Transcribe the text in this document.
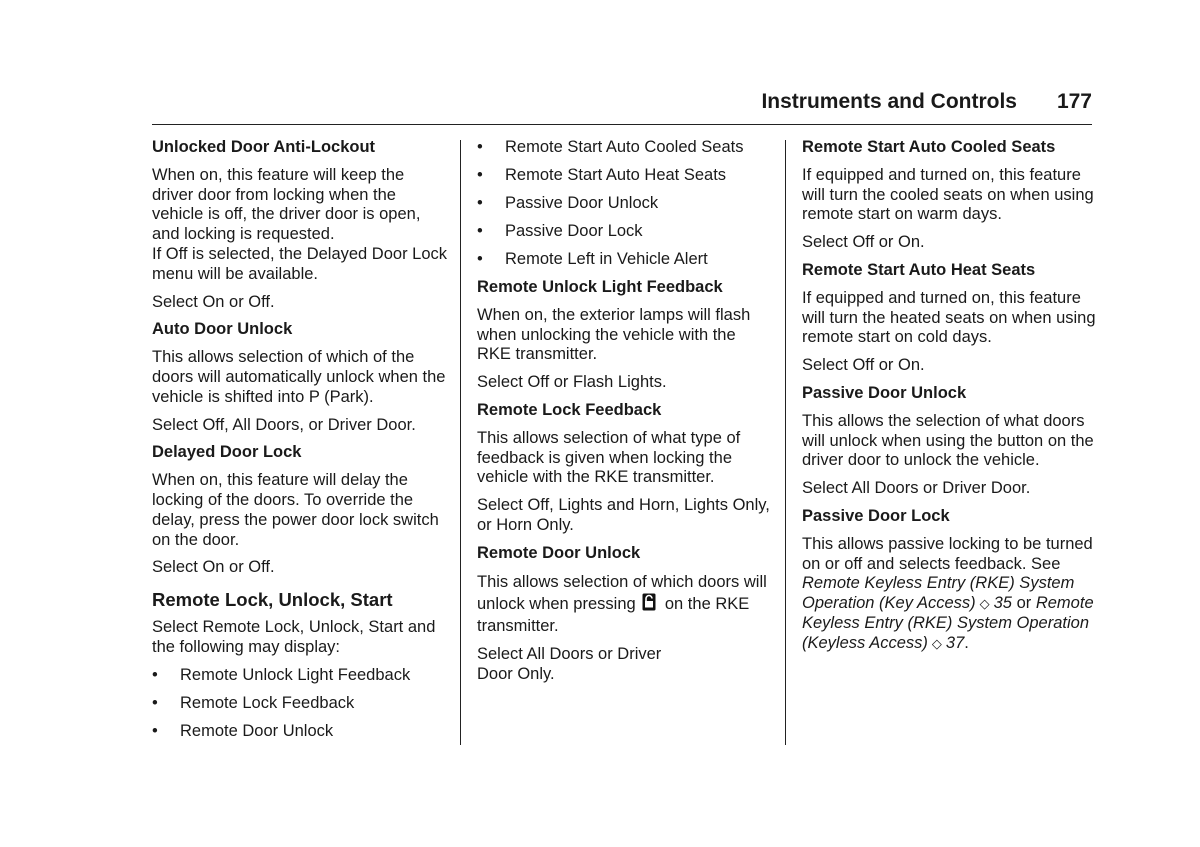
Instruments and Controls 177
Unlocked Door Anti-Lockout
When on, this feature will keep the driver door from locking when the vehicle is off, the driver door is open, and locking is requested.
If Off is selected, the Delayed Door Lock menu will be available.
Select On or Off.
Auto Door Unlock
This allows selection of which of the doors will automatically unlock when the vehicle is shifted into P (Park).
Select Off, All Doors, or Driver Door.
Delayed Door Lock
When on, this feature will delay the locking of the doors. To override the delay, press the power door lock switch on the door.
Select On or Off.
Remote Lock, Unlock, Start
Select Remote Lock, Unlock, Start and the following may display:
• Remote Unlock Light Feedback
• Remote Lock Feedback
• Remote Door Unlock
• Remote Start Auto Cooled Seats
• Remote Start Auto Heat Seats
• Passive Door Unlock
• Passive Door Lock
• Remote Left in Vehicle Alert
Remote Unlock Light Feedback
When on, the exterior lamps will flash when unlocking the vehicle with the RKE transmitter.
Select Off or Flash Lights.
Remote Lock Feedback
This allows selection of what type of feedback is given when locking the vehicle with the RKE transmitter.
Select Off, Lights and Horn, Lights Only, or Horn Only.
Remote Door Unlock
This allows selection of which doors will unlock when pressing on the RKE transmitter.
Select All Doors or Driver Door Only.
Remote Start Auto Cooled Seats
If equipped and turned on, this feature will turn the cooled seats on when using remote start on warm days.
Select Off or On.
Remote Start Auto Heat Seats
If equipped and turned on, this feature will turn the heated seats on when using remote start on cold days.
Select Off or On.
Passive Door Unlock
This allows the selection of what doors will unlock when using the button on the driver door to unlock the vehicle.
Select All Doors or Driver Door.
Passive Door Lock
This allows passive locking to be turned on or off and selects feedback. See Remote Keyless Entry (RKE) System Operation (Key Access) ◇ 35 or Remote Keyless Entry (RKE) System Operation (Keyless Access) ◇ 37.
